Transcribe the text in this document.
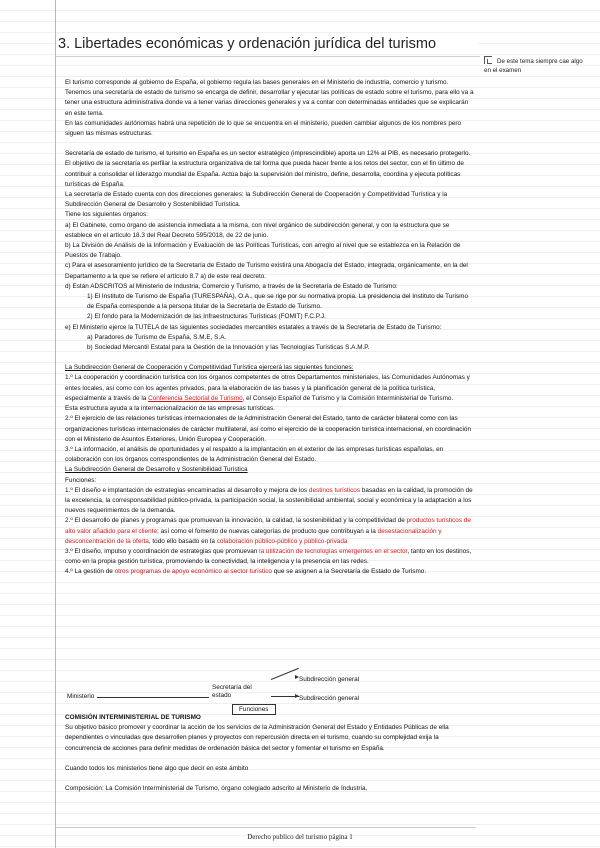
3. Libertades económicas y ordenación jurídica del turismo
De este tema siempre cae algo en el examen

El turismo corresponde al gobierno de España, el gobierno regula las bases generales en el Ministerio de industria, comercio y turismo. Tenemos una secretaría de estado de turismo se encarga de definir, desarrollar y ejecutar las políticas de estado sobre el turismo, para ello va a tener una estructura administrativa donde va a tener varias direcciones generales y va a contar con determinadas entidades que se explicarán en este tema.

En las comunidades autónomas habrá una repetición de lo que se encuentra en el ministerio, pueden cambiar algunos de los nombres pero siguen las mismas estructuras.

Secretaría de estado de turismo, el turismo en España es un sector estratégico (imprescindible) aporta un 12% al PIB, es necesario protegerlo. El objetivo de la secretaría es perfilar la estructura organizativa de tal forma que pueda hacer frente a los retos del sector, con el fin último de contribuir a consolidar el liderazgo mundial de España. Actúa bajo la supervisión del ministro, define, desarrolla, coordina y ejecuta políticas turísticas de España.

La secretaría de Estado cuenta con dos direcciones generales: la Subdirección General de Cooperación y Competitividad Turística y la Subdirección General de Desarrollo y Sostenibilidad Turística.

Tiene los siguientes órganos:

a) El Gabinete, como órgano de asistencia inmediata a la misma, con nivel orgánico de subdirección general, y con la estructura que se establece en el artículo 18.3 del Real Decreto 595/2018, de 22 de junio.

b) La División de Análisis de la Información y Evaluación de las Políticas Turísticas, con arreglo al nivel que se establezca en la Relación de Puestos de Trabajo.

c) Para el asesoramiento jurídico de la Secretaría de Estado de Turismo existirá una Abogacía del Estado, integrada, orgánicamente, en la del Departamento a la que se refiere el artículo 8.7 a) de este real decreto.

d) Están ADSCRITOS al Ministerio de Industria, Comercio y Turismo, a través de la Secretaría de Estado de Turismo:

1) El Instituto de Turismo de España (TURESPAÑA), O.A., que se rige por su normativa propia. La presidencia del Instituto de Turismo de España corresponde a la persona titular de la Secretaría de Estado de Turismo.

2) El fondo para la Modernización de las Infraestructuras Turísticas (FOMIT) F.C.P.J.

e) El Ministerio ejerce la TUTELA de las siguientes sociedades mercantiles estatales a través de la Secretaría de Estado de Turismo:

a) Paradores de Turismo de España, S.M.E, S.A.

b) Sociedad Mercantil Estatal para la Gestión de la Innovación y las Tecnologías Turísticas S.A.M.P.

La Subdirección General de Cooperación y Competitividad Turística ejercerá las siguientes funciones:

1.º La cooperación y coordinación turística con los órganos competentes de otros Departamentos ministeriales, las Comunidades Autónomas y entes locales, así como con los agentes privados, para la elaboración de las bases y la planificación general de la política turística, especialmente a través de la Conferencia Sectorial de Turismo, el Consejo Español de Turismo y la Comisión Interministerial de Turismo.

Esta estructura ayuda a la internacionalización de las empresas turísticas.

2.º El ejercicio de las relaciones turísticas internacionales de la Administración General del Estado, tanto de carácter bilateral como con las organizaciones turísticas internacionales de carácter multilateral, así como el ejercicio de la cooperación turística internacional, en coordinación con el Ministerio de Asuntos Exteriores, Unión Europea y Cooperación.

3.º La información, el análisis de oportunidades y el respaldo a la implantación en el exterior de las empresas turísticas españolas, en colaboración con los órganos correspondientes de la Administración General del Estado.

La Subdirección General de Desarrollo y Sostenibilidad Turística

Funciones:

1.º El diseño e implantación de estrategias encaminadas al desarrollo y mejora de los destinos turísticos basadas en la calidad, la promoción de la excelencia, la corresponsabilidad público-privada, la participación social, la sostenibilidad ambiental, social y económica y la adaptación a los nuevos requerimientos de la demanda.

2.º El desarrollo de planes y programas que promuevan la innovación, la calidad, la sostenibilidad y la competitividad de productos turísticos de alto valor añadido para el cliente; así como el fomento de nuevas categorías de producto que contribuyan a la desestacionalización y desconcentración de la oferta, todo ello basado en la colaboración público-público y público-privada

3.º El diseño, impulso y coordinación de estrategias que promuevan la utilización de tecnologías emergentes en el sector, tanto en los destinos, como en la propia gestión turística, promoviendo la conectividad, la inteligencia y la presencia en las redes.

4.º La gestión de otros programas de apoyo económico al sector turístico que se asignen a la Secretaría de Estado de Turismo.

Ministerio
Secretaría del estado
Subdirección general
Subdirección general
Funciones

COMISIÓN INTERMINISTERIAL DE TURISMO

Su objetivo básico promover y coordinar la acción de los servicios de la Administración General del Estado y Entidades Públicas de ella dependientes o vinculadas que desarrollen planes y proyectos con repercusión directa en el turismo, cuando su complejidad exija la concurrencia de acciones para definir medidas de ordenación básica del sector y fomentar el turismo en España.

Cuando todos los ministerios tiene algo que decir en este ámbito

Composición: La Comisión Interministerial de Turismo, órgano colegiado adscrito al Ministerio de Industria,

Derecho publico del turismo página 1
